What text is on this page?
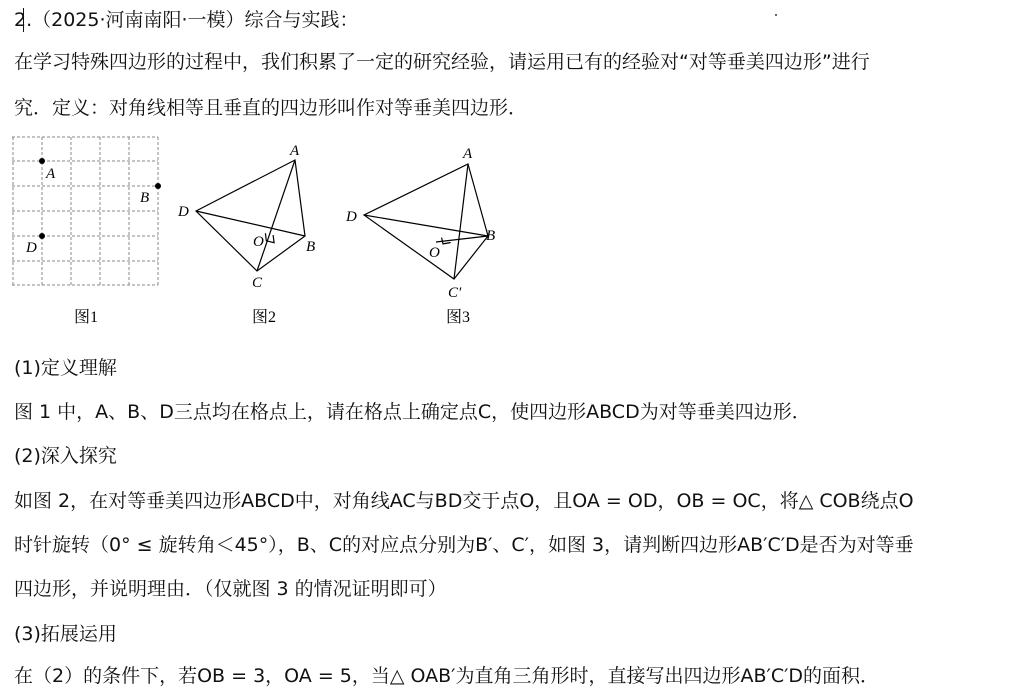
2.（2025·河南南阳·一模）综合与实践：
在学习特殊四边形的过程中，我们积累了一定的研究经验，请运用已有的经验对“对等垂美四边形”进行
究．定义：对角线相等且垂直的四边形叫作对等垂美四边形．
A
B
D
图1
A
B
C
D
O
图2
A
B
C′
D
O
图3
(1)定义理解
图 1 中，A、B、D三点均在格点上，请在格点上确定点C，使四边形ABCD为对等垂美四边形．
(2)深入探究
如图 2，在对等垂美四边形ABCD中，对角线AC与BD交于点O，且OA = OD，OB = OC，将△ COB绕点O
时针旋转（0° ≤ 旋转角＜45°），B、C的对应点分别为B′、C′，如图 3，请判断四边形AB′C′D是否为对等垂
四边形，并说明理由．（仅就图 3 的情况证明即可）
(3)拓展运用
在（2）的条件下，若OB = 3，OA = 5，当△ OAB′为直角三角形时，直接写出四边形AB′C′D的面积．
